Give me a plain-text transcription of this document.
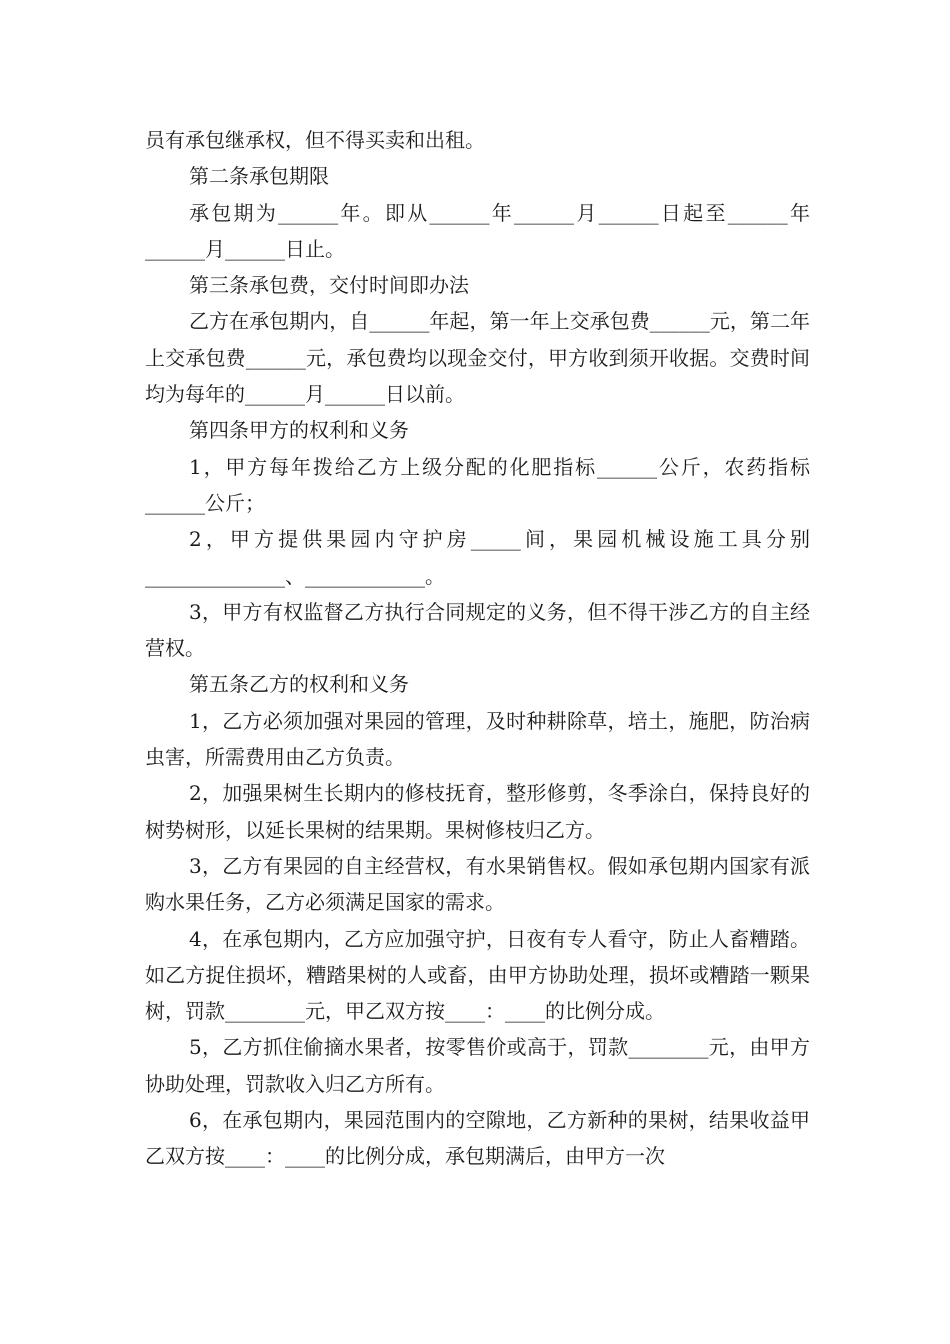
员有承包继承权，但不得买卖和出租。

第二条承包期限

承包期为______年。即从______年______月______日起至______年______月______日止。

第三条承包费，交付时间即办法

乙方在承包期内，自______年起，第一年上交承包费______元，第二年上交承包费______元，承包费均以现金交付，甲方收到须开收据。交费时间均为每年的______月______日以前。

第四条甲方的权利和义务

1，甲方每年拨给乙方上级分配的化肥指标______公斤，农药指标______公斤；

2，甲方提供果园内守护房_____间，果园机械设施工具分别______________、____________。

3，甲方有权监督乙方执行合同规定的义务，但不得干涉乙方的自主经营权。

第五条乙方的权利和义务

1，乙方必须加强对果园的管理，及时种耕除草，培土，施肥，防治病虫害，所需费用由乙方负责。

2，加强果树生长期内的修枝抚育，整形修剪，冬季涂白，保持良好的树势树形，以延长果树的结果期。果树修枝归乙方。

3，乙方有果园的自主经营权，有水果销售权。假如承包期内国家有派购水果任务，乙方必须满足国家的需求。

4，在承包期内，乙方应加强守护，日夜有专人看守，防止人畜糟踏。如乙方捉住损坏，糟踏果树的人或畜，由甲方协助处理，损坏或糟踏一颗果树，罚款________元，甲乙双方按____：____的比例分成。

5，乙方抓住偷摘水果者，按零售价或高于，罚款________元，由甲方协助处理，罚款收入归乙方所有。

6，在承包期内，果园范围内的空隙地，乙方新种的果树，结果收益甲乙双方按____：____的比例分成，承包期满后，由甲方一次
